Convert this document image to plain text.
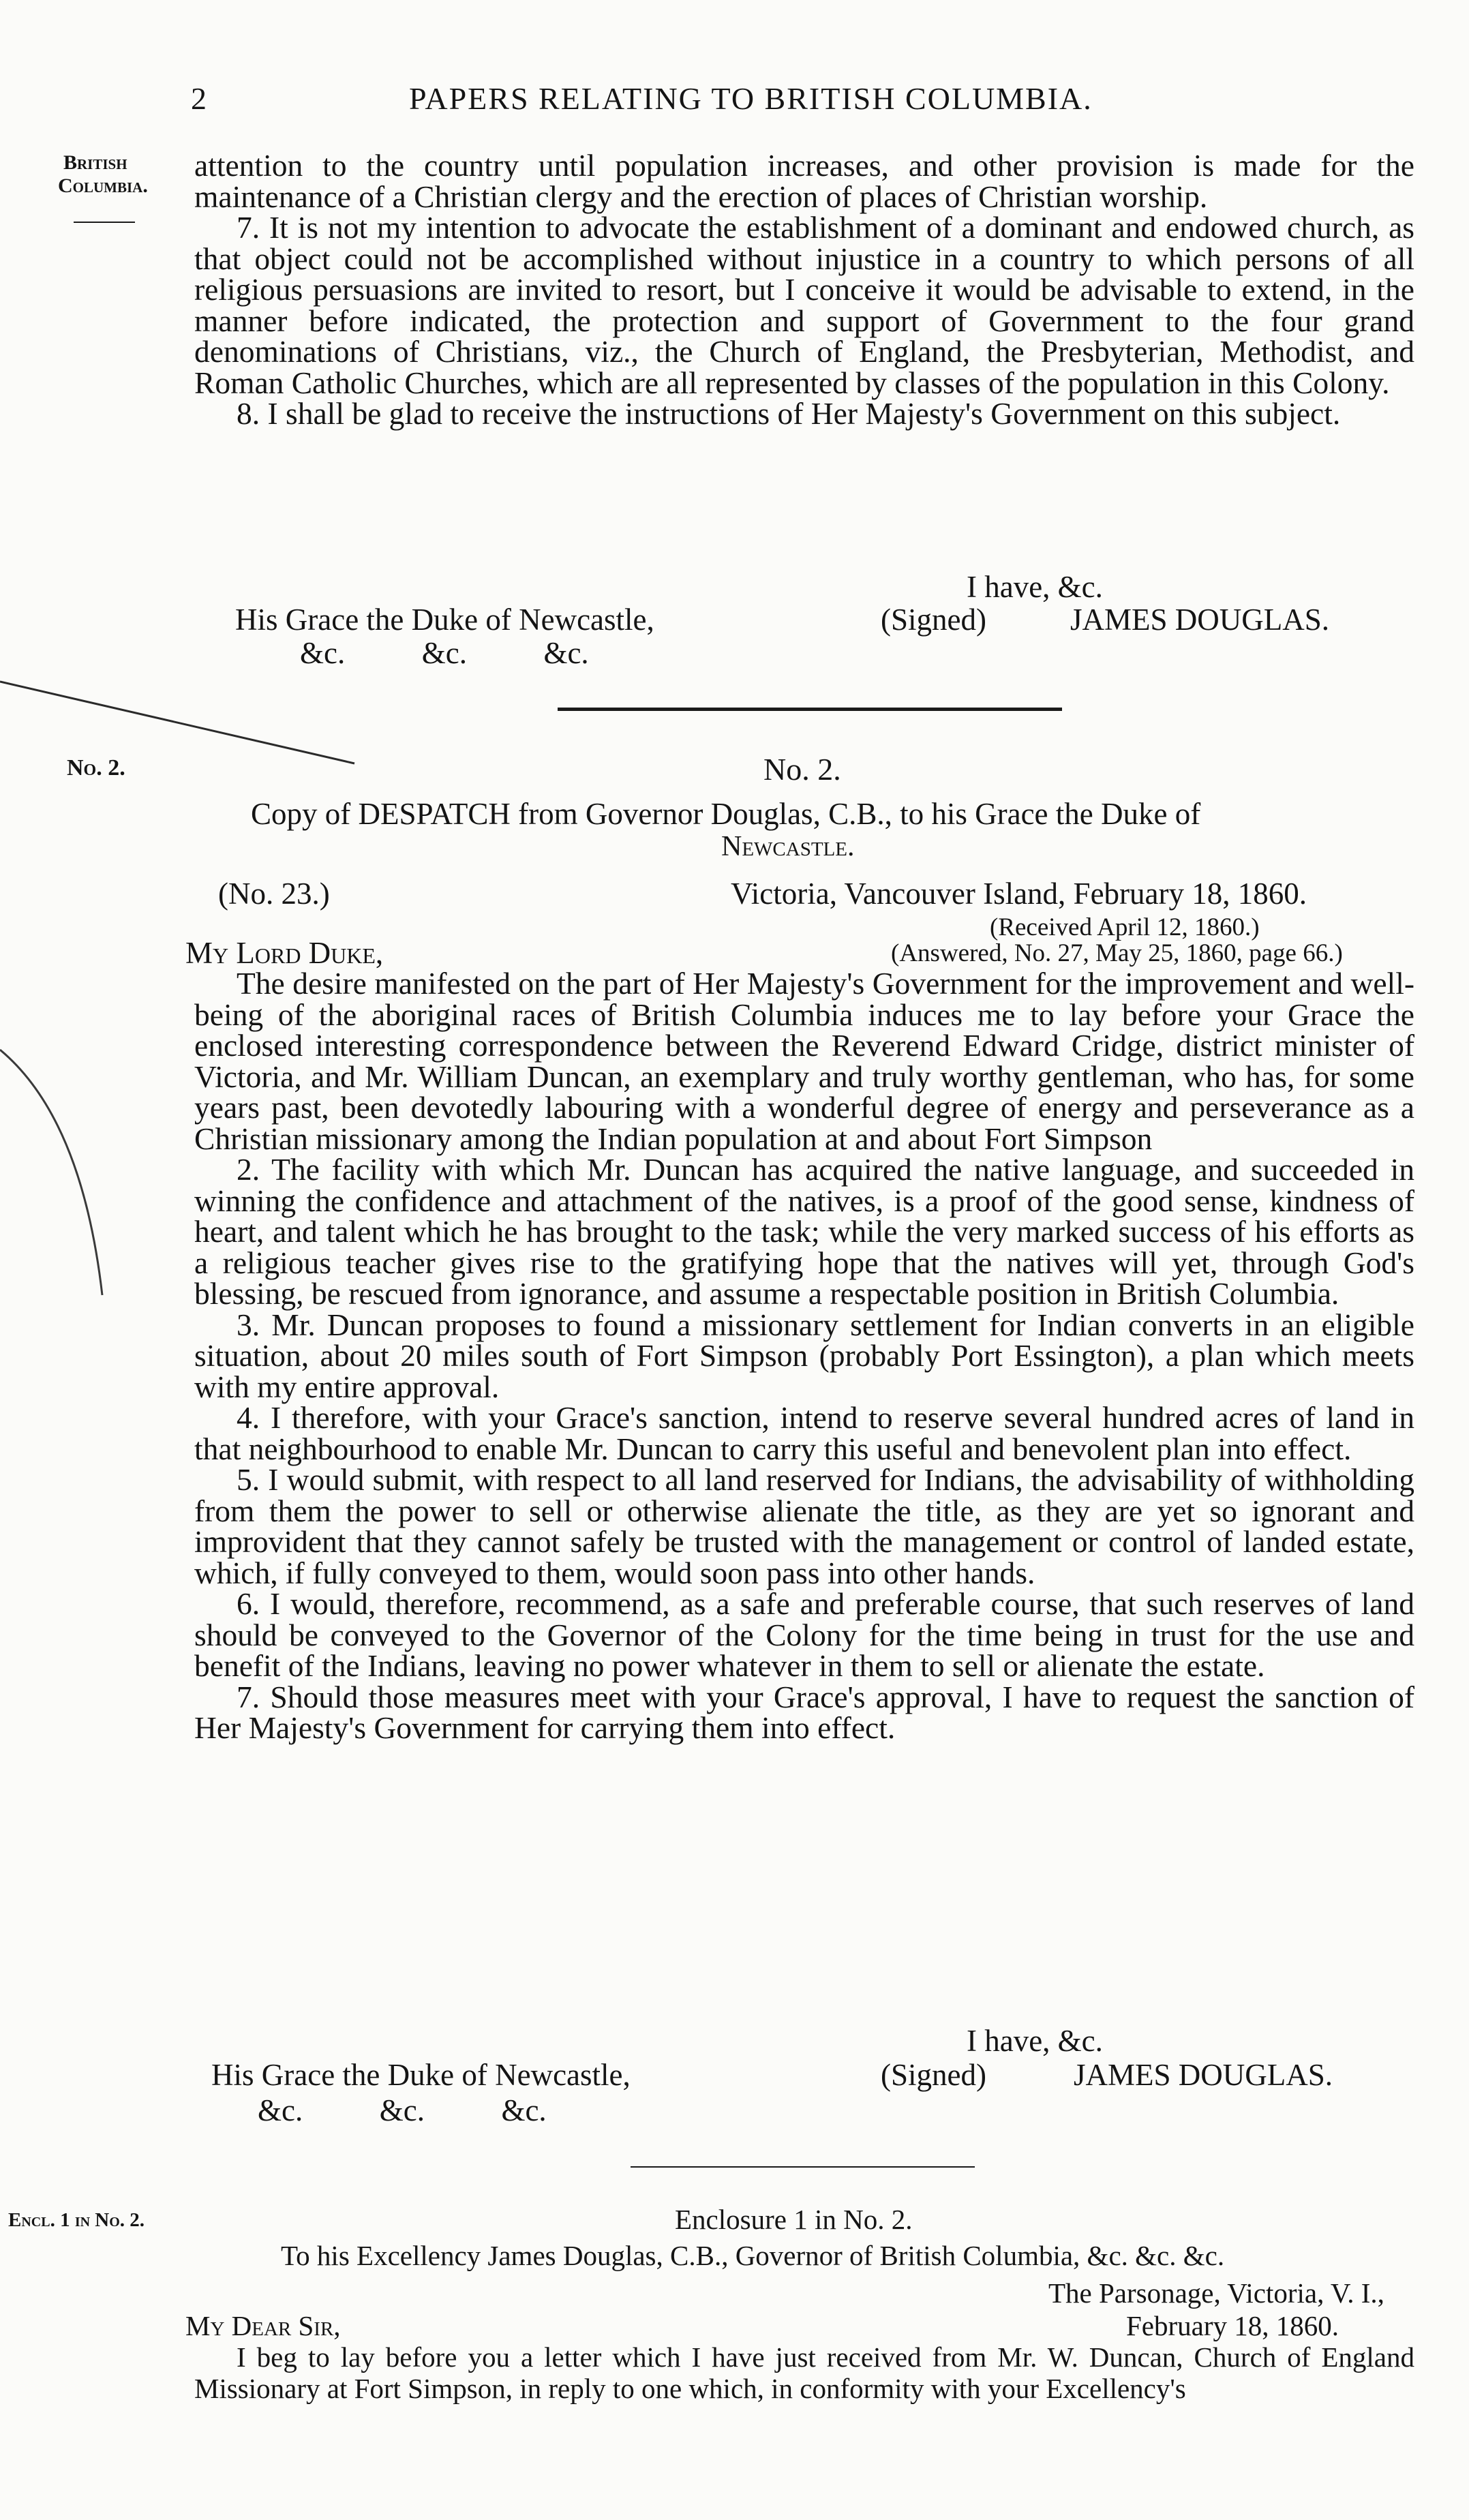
2	PAPERS RELATING TO BRITISH COLUMBIA.
British
Columbia.
No. 2.
Encl. 1 in No. 2.

attention to the country until population increases, and other provision is made for the maintenance of a Christian clergy and the erection of places of Christian worship.

7. It is not my intention to advocate the establishment of a dominant and endowed church, as that object could not be accomplished without injustice in a country to which persons of all religious persuasions are invited to resort, but I conceive it would be advisable to extend, in the manner before indicated, the protection and support of Government to the four grand denominations of Christians, viz., the Church of England, the Presbyterian, Methodist, and Roman Catholic Churches, which are all represented by classes of the population in this Colony.

8. I shall be glad to receive the instructions of Her Majesty's Government on this subject.

I have, &c.
His Grace the Duke of Newcastle,
&c.          &c.          &c.
(Signed)	JAMES DOUGLAS.
No. 2.
Copy of DESPATCH from Governor Douglas, C.B., to his Grace the Duke of
Newcastle.
(No. 23.)	Victoria, Vancouver Island, February 18, 1860.
(Received April 12, 1860.)
(Answered, No. 27, May 25, 1860, page 66.)
My Lord Duke,

The desire manifested on the part of Her Majesty's Government for the improvement and well-being of the aboriginal races of British Columbia induces me to lay before your Grace the enclosed interesting correspondence between the Reverend Edward Cridge, district minister of Victoria, and Mr. William Duncan, an exemplary and truly worthy gentleman, who has, for some years past, been devotedly labouring with a wonderful degree of energy and perseverance as a Christian missionary among the Indian population at and about Fort Simpson

2. The facility with which Mr. Duncan has acquired the native language, and succeeded in winning the confidence and attachment of the natives, is a proof of the good sense, kindness of heart, and talent which he has brought to the task; while the very marked success of his efforts as a religious teacher gives rise to the gratifying hope that the natives will yet, through God's blessing, be rescued from ignorance, and assume a respectable position in British Columbia.

3. Mr. Duncan proposes to found a missionary settlement for Indian converts in an eligible situation, about 20 miles south of Fort Simpson (probably Port Essington), a plan which meets with my entire approval.

4. I therefore, with your Grace's sanction, intend to reserve several hundred acres of land in that neighbourhood to enable Mr. Duncan to carry this useful and benevolent plan into effect.

5. I would submit, with respect to all land reserved for Indians, the advisability of withholding from them the power to sell or otherwise alienate the title, as they are yet so ignorant and improvident that they cannot safely be trusted with the management or control of landed estate, which, if fully conveyed to them, would soon pass into other hands.

6. I would, therefore, recommend, as a safe and preferable course, that such reserves of land should be conveyed to the Governor of the Colony for the time being in trust for the use and benefit of the Indians, leaving no power whatever in them to sell or alienate the estate.

7. Should those measures meet with your Grace's approval, I have to request the sanction of Her Majesty's Government for carrying them into effect.

I have, &c.
His Grace the Duke of Newcastle,
&c.          &c.          &c.
(Signed)	JAMES DOUGLAS.
Enclosure 1 in No. 2.
To his Excellency James Douglas, C.B., Governor of British Columbia, &c. &c. &c.
The Parsonage, Victoria, V. I.,
February 18, 1860.
My Dear Sir,
I beg to lay before you a letter which I have just received from Mr. W. Duncan, Church of England Missionary at Fort Simpson, in reply to one which, in conformity with your Excellency's
